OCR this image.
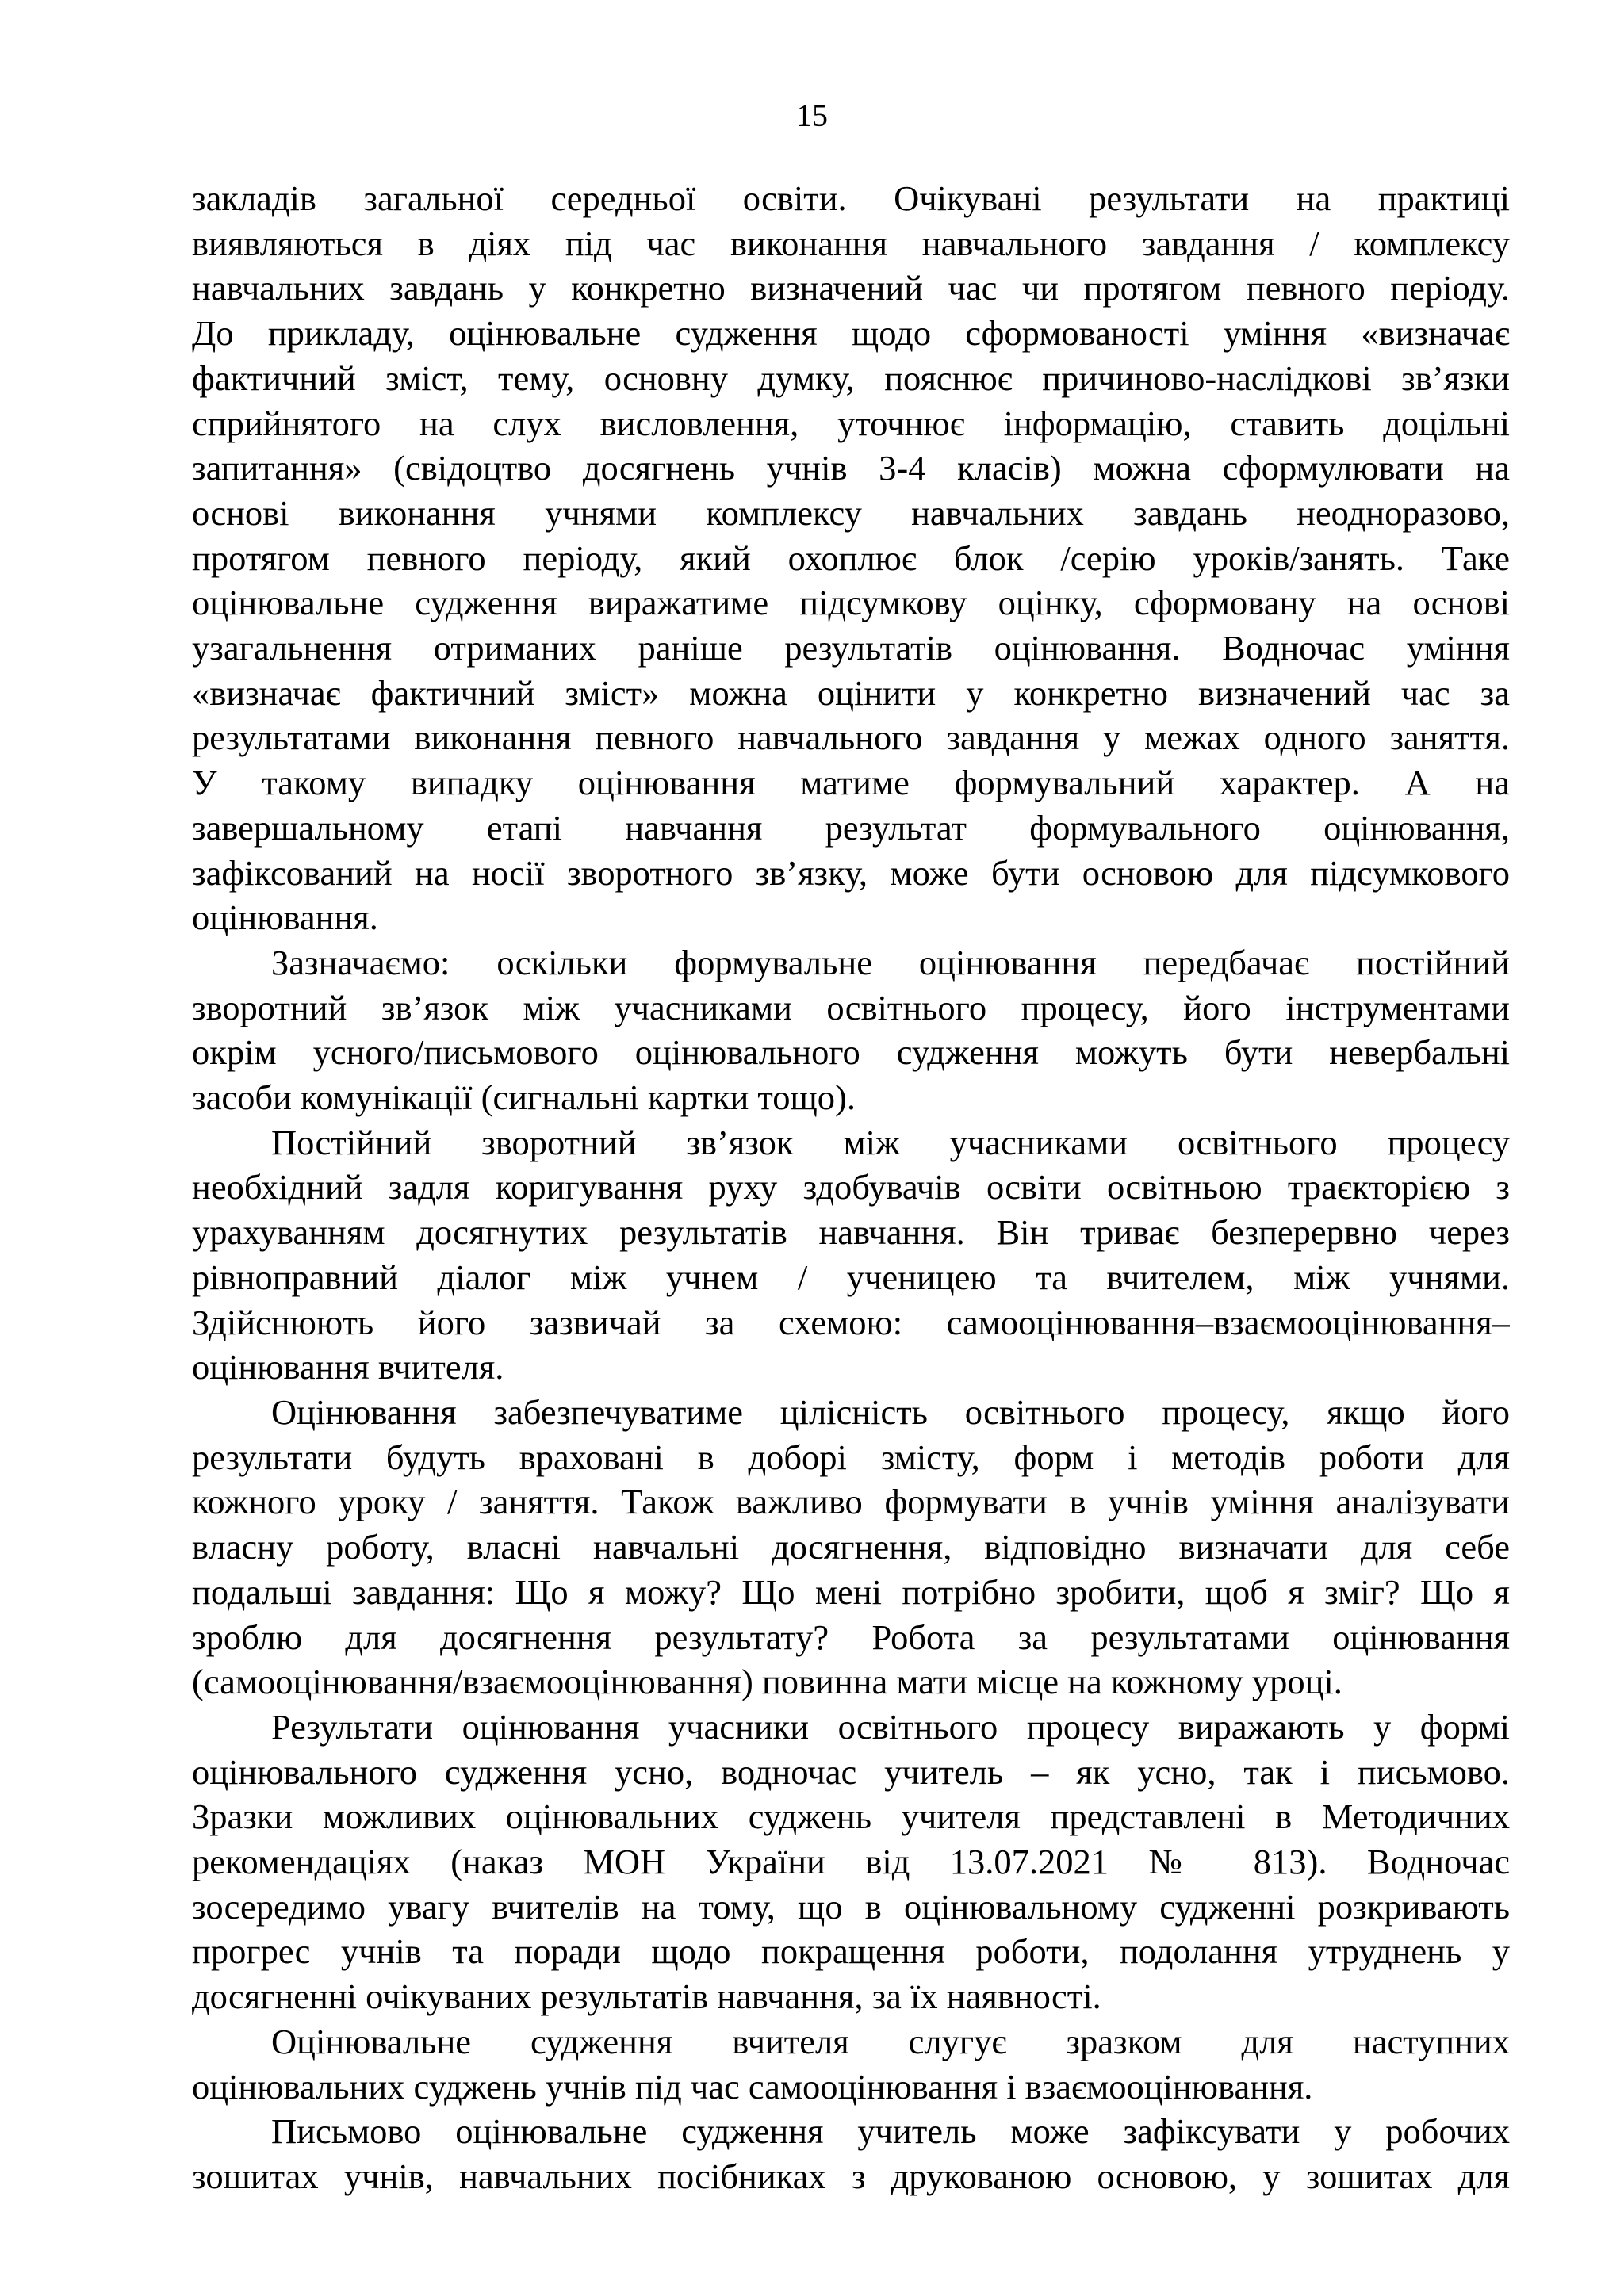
15
закладів загальної середньої освіти. Очікувані результати на практиці
виявляються в діях під час виконання навчального завдання / комплексу
навчальних завдань у конкретно визначений час чи протягом певного періоду.
До прикладу, оцінювальне судження щодо сформованості уміння «визначає
фактичний зміст, тему, основну думку, пояснює причиново-наслідкові зв’язки
сприйнятого на слух висловлення, уточнює інформацію, ставить доцільні
запитання» (свідоцтво досягнень учнів 3-4 класів) можна сформулювати на
основі виконання учнями комплексу навчальних завдань неодноразово,
протягом певного періоду, який охоплює блок /серію уроків/занять. Таке
оцінювальне судження виражатиме підсумкову оцінку, сформовану на основі
узагальнення отриманих раніше результатів оцінювання. Водночас уміння
«визначає фактичний зміст» можна оцінити у конкретно визначений час за
результатами виконання певного навчального завдання у межах одного заняття.
У такому випадку оцінювання матиме формувальний характер. А на
завершальному етапі навчання результат формувального оцінювання,
зафіксований на носії зворотного зв’язку, може бути основою для підсумкового
оцінювання.
Зазначаємо: оскільки формувальне оцінювання передбачає постійний
зворотний зв’язок між учасниками освітнього процесу, його інструментами
окрім усного/письмового оцінювального судження можуть бути невербальні
засоби комунікації (сигнальні картки тощо).
Постійний зворотний зв’язок між учасниками освітнього процесу
необхідний задля коригування руху здобувачів освіти освітньою траєкторією з
урахуванням досягнутих результатів навчання. Він триває безперервно через
рівноправний діалог між учнем / ученицею та вчителем, між учнями.
Здійснюють його зазвичай за схемою: самооцінювання–взаємооцінювання–
оцінювання вчителя.
Оцінювання забезпечуватиме цілісність освітнього процесу, якщо його
результати будуть враховані в доборі змісту, форм і методів роботи для
кожного уроку / заняття. Також важливо формувати в учнів уміння аналізувати
власну роботу, власні навчальні досягнення, відповідно визначати для себе
подальші завдання: Що я можу? Що мені потрібно зробити, щоб я зміг? Що я
зроблю для досягнення результату? Робота за результатами оцінювання
(самооцінювання/взаємооцінювання) повинна мати місце на кожному уроці.
Результати оцінювання учасники освітнього процесу виражають у формі
оцінювального судження усно, водночас учитель – як усно, так і письмово.
Зразки можливих оцінювальних суджень учителя представлені в Методичних
рекомендаціях (наказ МОН України від 13.07.2021 № 813). Водночас
зосередимо увагу вчителів на тому, що в оцінювальному судженні розкривають
прогрес учнів та поради щодо покращення роботи, подолання утруднень у
досягненні очікуваних результатів навчання, за їх наявності.
Оцінювальне судження вчителя слугує зразком для наступних
оцінювальних суджень учнів під час самооцінювання і взаємооцінювання.
Письмово оцінювальне судження учитель може зафіксувати у робочих
зошитах учнів, навчальних посібниках з друкованою основою, у зошитах для
